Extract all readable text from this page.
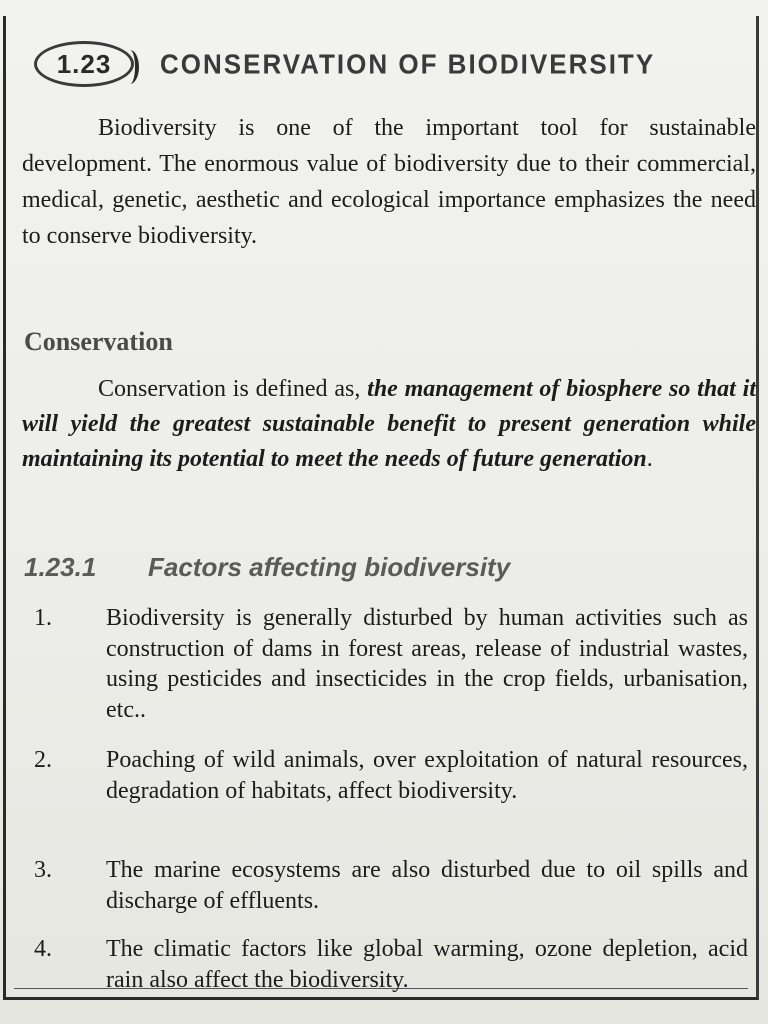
1.23	CONSERVATION OF BIODIVERSITY
Biodiversity is one of the important tool for sustainable development. The enormous value of biodiversity due to their commercial, medical, genetic, aesthetic and ecological importance emphasizes the need to conserve biodiversity.
Conservation
Conservation is defined as, the management of biosphere so that it will yield the greatest sustainable benefit to present generation while maintaining its potential to meet the needs of future generation.
1.23.1 Factors affecting biodiversity
1. Biodiversity is generally disturbed by human activities such as construction of dams in forest areas, release of industrial wastes, using pesticides and insecticides in the crop fields, urbanisation, etc..
2. Poaching of wild animals, over exploitation of natural resources, degradation of habitats, affect biodiversity.
3. The marine ecosystems are also disturbed due to oil spills and discharge of effluents.
4. The climatic factors like global warming, ozone depletion, acid rain also affect the biodiversity.
